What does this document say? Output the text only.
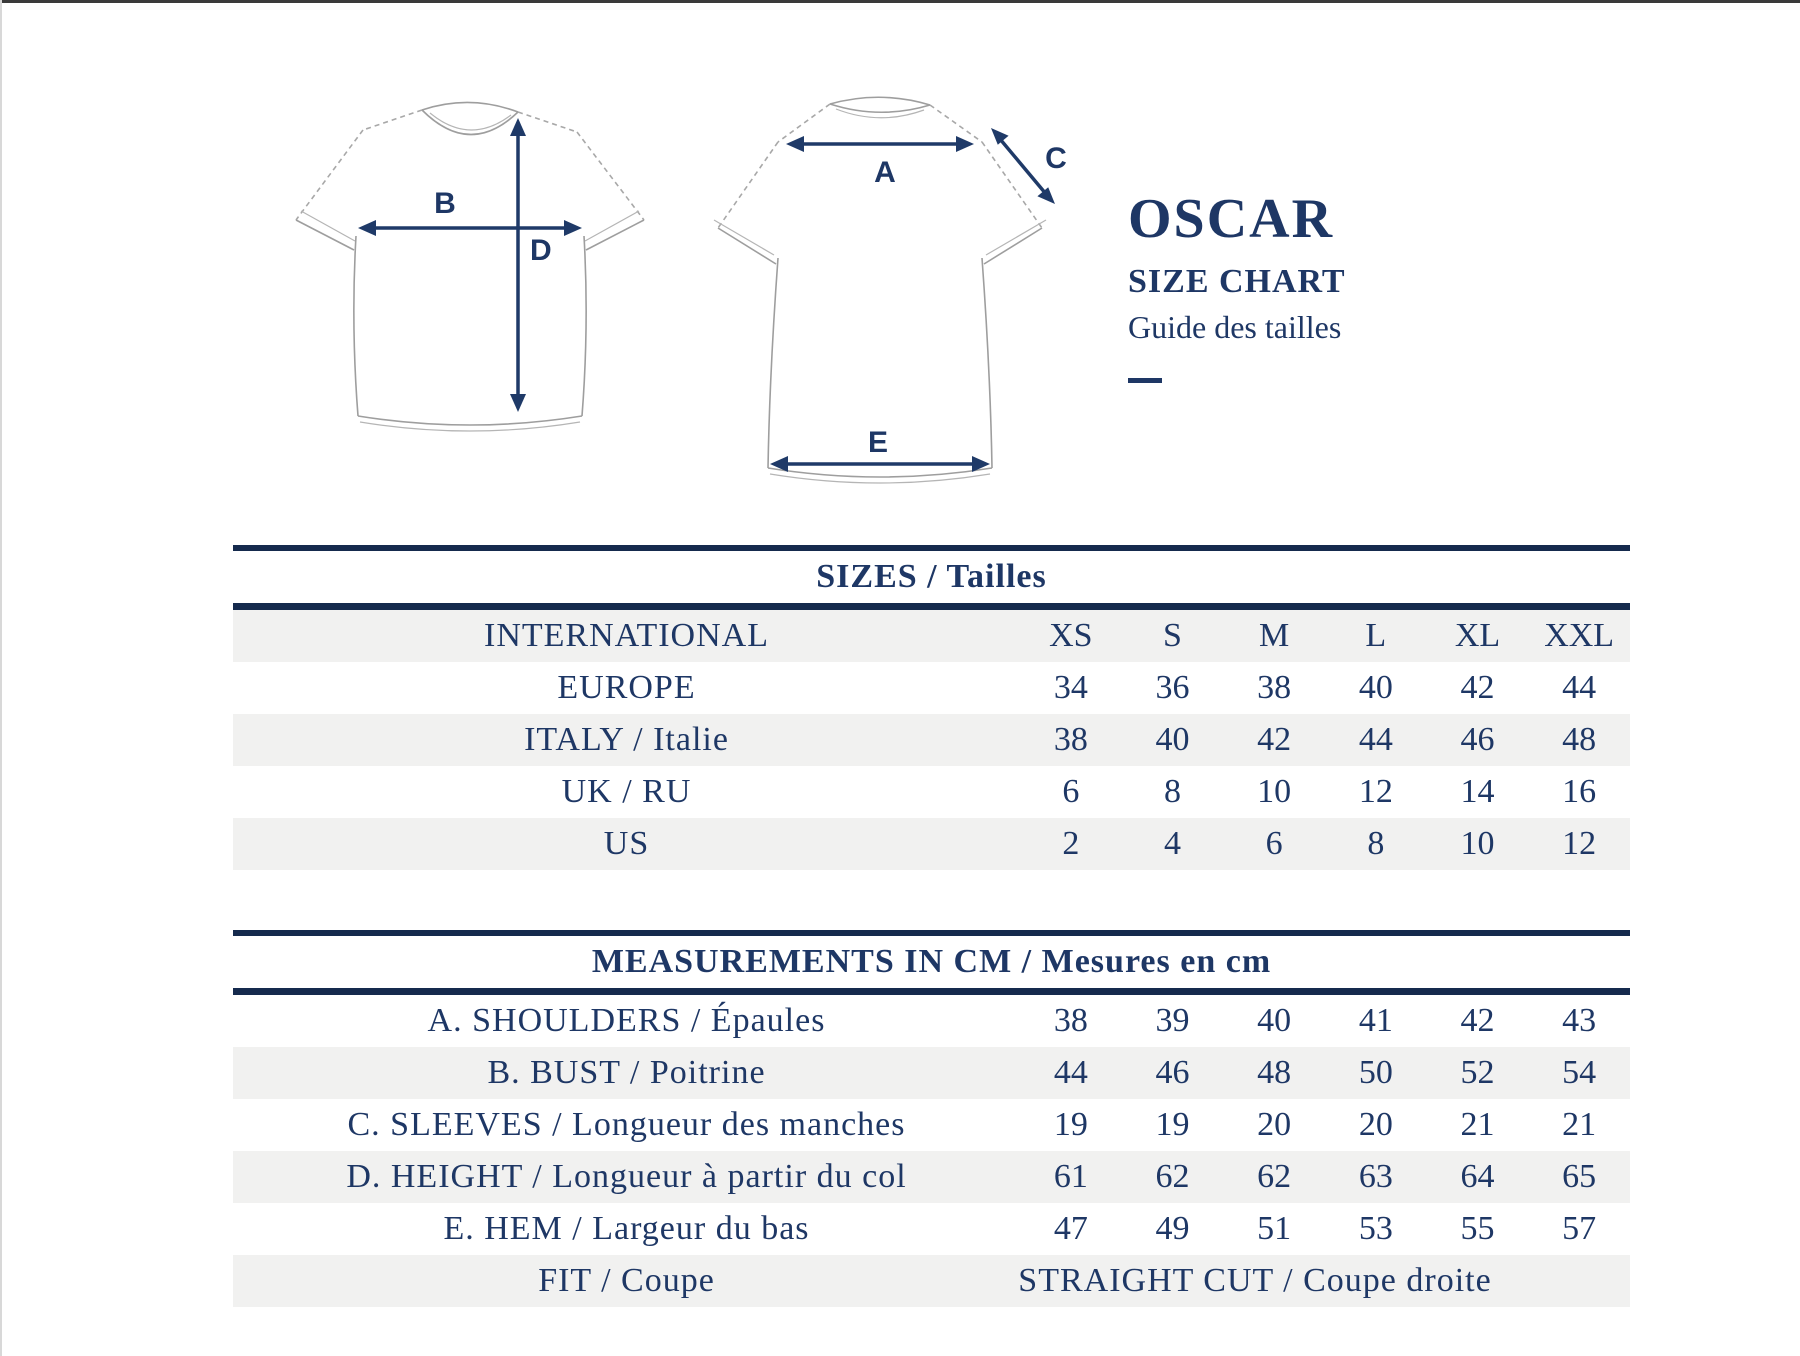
B
D
A	C
E
OSCAR
SIZE CHART
Guide des tailles
SIZES / Tailles
INTERNATIONAL	XS	S	M	L	XL	XXL
EUROPE	34	36	38	40	42	44
ITALY / Italie	38	40	42	44	46	48
UK / RU	6	8	10	12	14	16
US	2	4	6	8	10	12
MEASUREMENTS IN CM / Mesures en cm
A. SHOULDERS / Épaules	38	39	40	41	42	43
B. BUST / Poitrine	44	46	48	50	52	54
C. SLEEVES / Longueur des manches	19	19	20	20	21	21
D. HEIGHT / Longueur à partir du col	61	62	62	63	64	65
E. HEM / Largeur du bas	47	49	51	53	55	57
FIT / Coupe	STRAIGHT CUT / Coupe droite
